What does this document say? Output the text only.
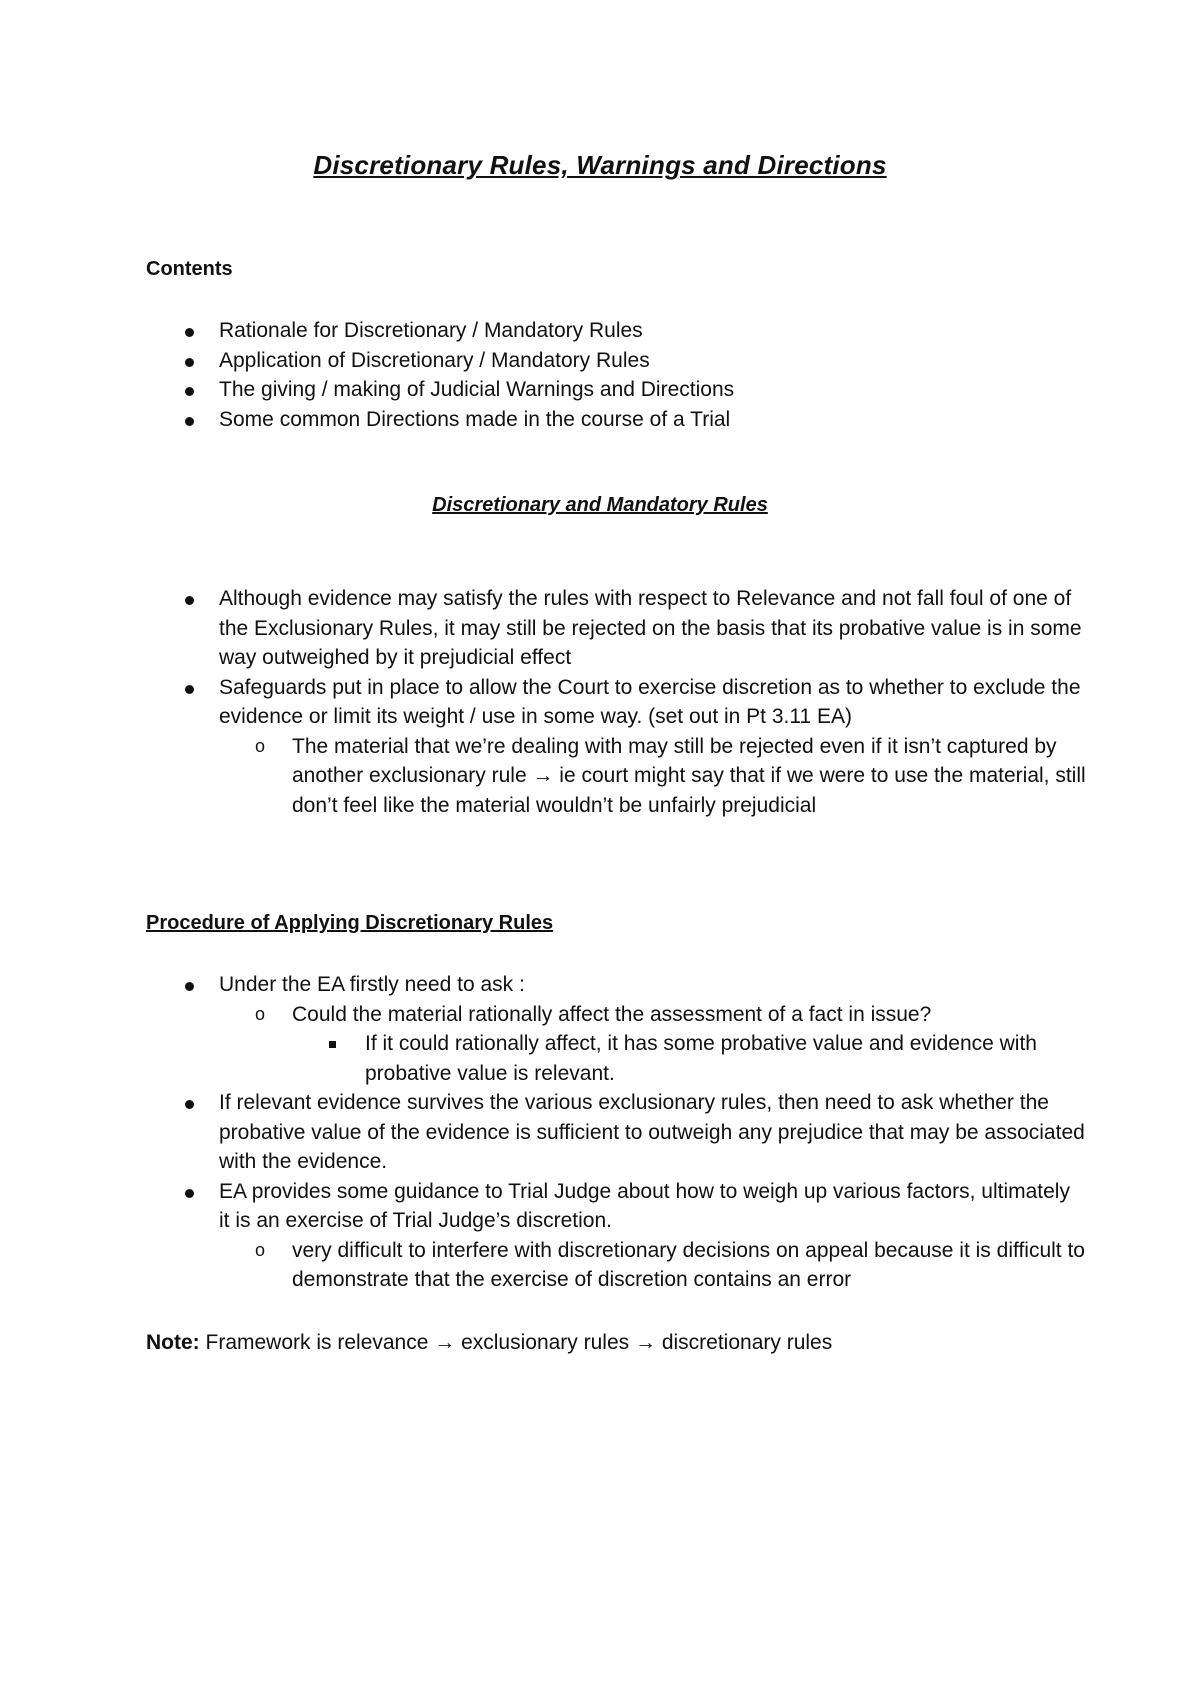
Discretionary Rules, Warnings and Directions
Contents
Rationale for Discretionary / Mandatory Rules
Application of Discretionary / Mandatory Rules
The giving / making of Judicial Warnings and Directions
Some common Directions made in the course of a Trial
Discretionary and Mandatory Rules
Although evidence may satisfy the rules with respect to Relevance and not fall foul of one of the Exclusionary Rules, it may still be rejected on the basis that its probative value is in some way outweighed by it prejudicial effect
Safeguards put in place to allow the Court to exercise discretion as to whether to exclude the evidence or limit its weight / use in some way. (set out in Pt 3.11 EA)
o The material that we’re dealing with may still be rejected even if it isn’t captured by another exclusionary rule → ie court might say that if we were to use the material, still don’t feel like the material wouldn’t be unfairly prejudicial
Procedure of Applying Discretionary Rules
Under the EA firstly need to ask :
o Could the material rationally affect the assessment of a fact in issue?
If it could rationally affect, it has some probative value and evidence with probative value is relevant.
If relevant evidence survives the various exclusionary rules, then need to ask whether the probative value of the evidence is sufficient to outweigh any prejudice that may be associated with the evidence.
EA provides some guidance to Trial Judge about how to weigh up various factors, ultimately it is an exercise of Trial Judge’s discretion.
o very difficult to interfere with discretionary decisions on appeal because it is difficult to demonstrate that the exercise of discretion contains an error
Note: Framework is relevance → exclusionary rules → discretionary rules
